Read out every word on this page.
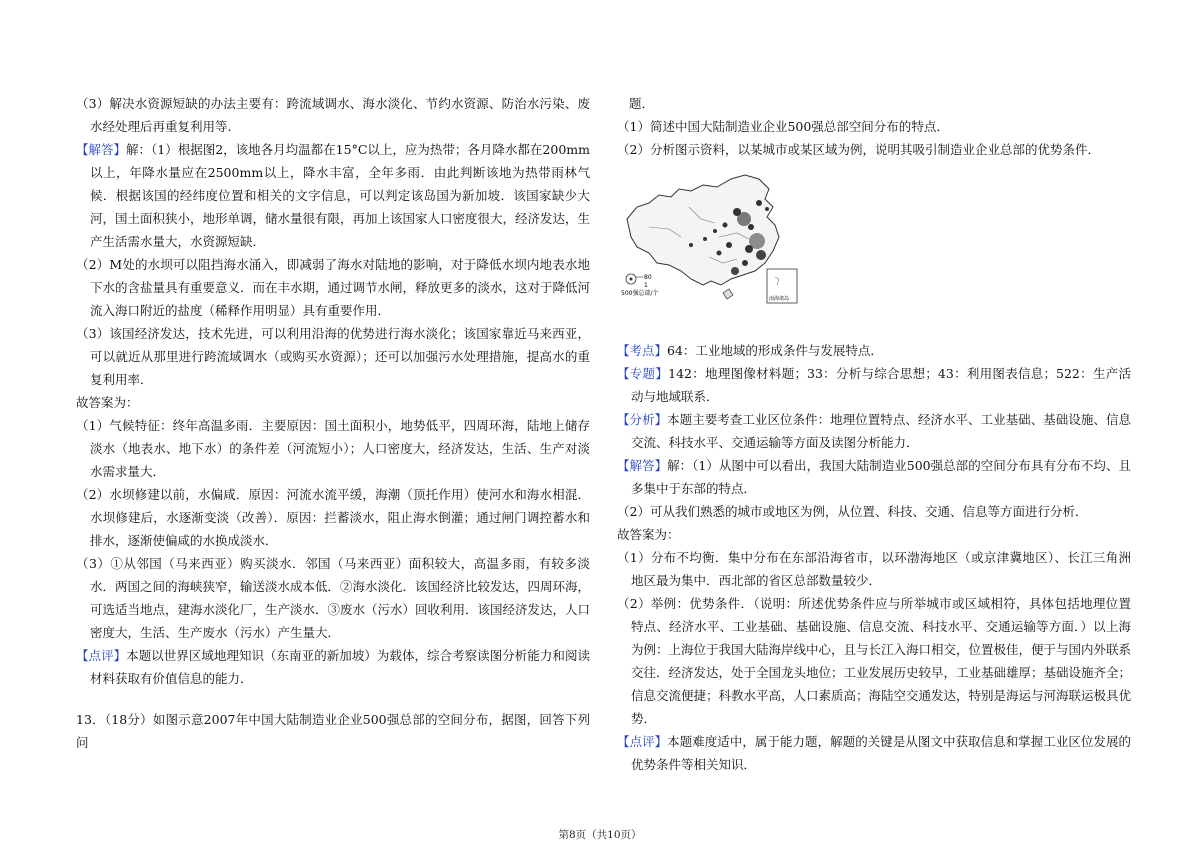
（3）解决水资源短缺的办法主要有：跨流域调水、海水淡化、节约水资源、防治水污染、废水经处理后再重复利用等.

【解答】解：（1）根据图2，该地各月均温都在15°C以上，应为热带；各月降水都在200mm以上，年降水量应在2500mm以上，降水丰富，全年多雨．由此判断该地为热带雨林气候．根据该国的经纬度位置和相关的文字信息，可以判定该岛国为新加坡．该国家缺少大河，国土面积狭小，地形单调，储水量很有限，再加上该国家人口密度很大，经济发达，生产生活需水量大，水资源短缺．

（2）M处的水坝可以阻挡海水涌入，即减弱了海水对陆地的影响，对于降低水坝内地表水地下水的含盐量具有重要意义．而在丰水期，通过调节水闸，释放更多的淡水，这对于降低河流入海口附近的盐度（稀释作用明显）具有重要作用．

（3）该国经济发达，技术先进，可以利用沿海的优势进行海水淡化；该国家靠近马来西亚，可以就近从那里进行跨流域调水（或购买水资源）；还可以加强污水处理措施，提高水的重复利用率．

故答案为：

（1）气候特征：终年高温多雨．主要原因：国土面积小，地势低平，四周环海，陆地上储存淡水（地表水、地下水）的条件差（河流短小）；人口密度大，经济发达，生活、生产对淡水需求量大．

（2）水坝修建以前，水偏咸．原因：河流水流平缓，海潮（顶托作用）使河水和海水相混．水坝修建后，水逐渐变淡（改善）．原因：拦蓄淡水，阻止海水倒灌；通过闸门调控蓄水和排水，逐渐使偏咸的水换成淡水．

（3）①从邻国（马来西亚）购买淡水．邻国（马来西亚）面积较大，高温多雨，有较多淡水．两国之间的海峡狭窄，输送淡水成本低．②海水淡化．该国经济比较发达，四周环海，可选适当地点，建海水淡化厂，生产淡水．③废水（污水）回收利用．该国经济发达，人口密度大，生活、生产废水（污水）产生量大．

【点评】本题以世界区域地理知识（东南亚的新加坡）为载体，综合考察读图分析能力和阅读材料获取有价值信息的能力．

13．（18分）如图示意2007年中国大陆制造业企业500强总部的空间分布，据图，回答下列问

题．

（1）简述中国大陆制造业企业500强总部空间分布的特点．

（2）分析图示资料，以某城市或某区域为例，说明其吸引制造业企业总部的优势条件．

80
1
500强总部/个
南海诸岛

【考点】64：工业地域的形成条件与发展特点．

【专题】142：地理图像材料题；33：分析与综合思想；43：利用图表信息；522：生产活动与地域联系．

【分析】本题主要考查工业区位条件：地理位置特点、经济水平、工业基础、基础设施、信息交流、科技水平、交通运输等方面及读图分析能力．

【解答】解：（1）从图中可以看出，我国大陆制造业500强总部的空间分布具有分布不均、且多集中于东部的特点．

（2）可从我们熟悉的城市或地区为例，从位置、科技、交通、信息等方面进行分析．

故答案为：

（1）分布不均衡．集中分布在东部沿海省市，以环渤海地区（或京津冀地区）、长江三角洲地区最为集中．西北部的省区总部数量较少．

（2）举例：优势条件．（说明：所述优势条件应与所举城市或区域相符，具体包括地理位置特点、经济水平、工业基础、基础设施、信息交流、科技水平、交通运输等方面．）以上海为例：上海位于我国大陆海岸线中心，且与长江入海口相交，位置极佳，便于与国内外联系交往．经济发达，处于全国龙头地位；工业发展历史较早，工业基础雄厚；基础设施齐全；信息交流便捷；科教水平高，人口素质高；海陆空交通发达，特别是海运与河海联运极具优势．

【点评】本题难度适中，属于能力题，解题的关键是从图文中获取信息和掌握工业区位发展的优势条件等相关知识．

第8页（共10页）
